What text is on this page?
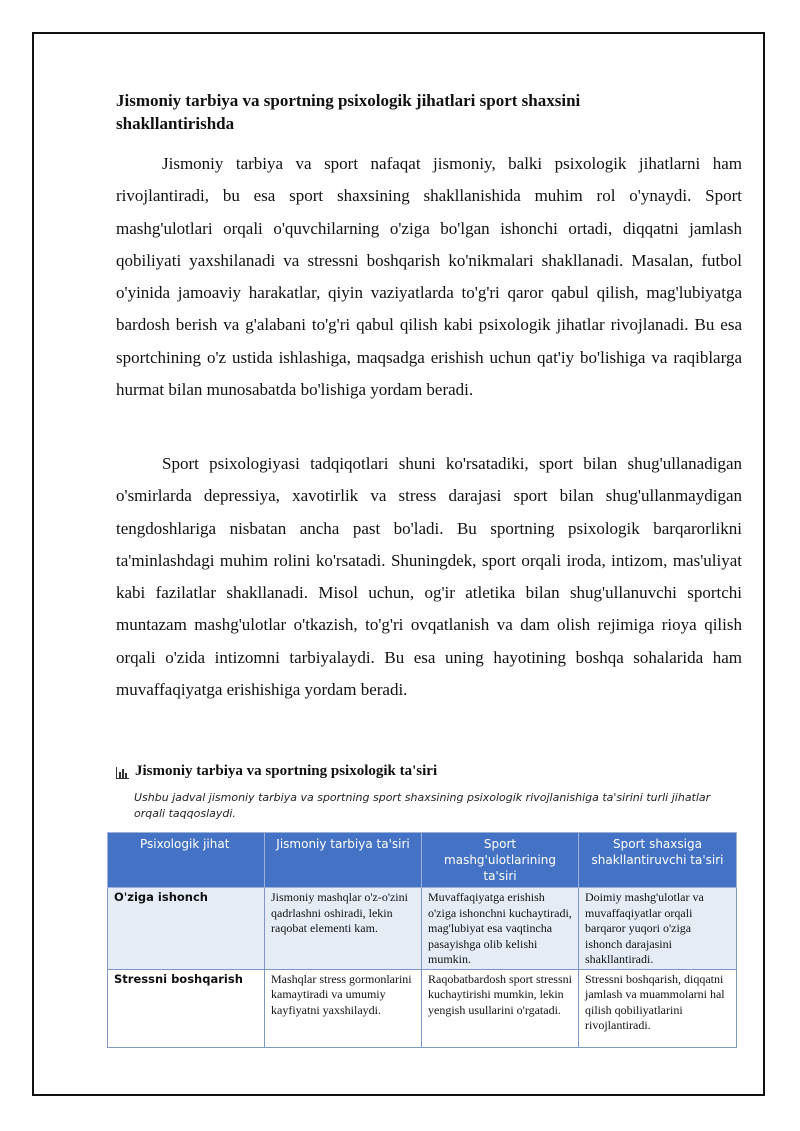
Jismoniy tarbiya va sportning psixologik jihatlari sport shaxsini shakllantirishda

Jismoniy tarbiya va sport nafaqat jismoniy, balki psixologik jihatlarni ham rivojlantiradi, bu esa sport shaxsining shakllanishida muhim rol o'ynaydi. Sport mashg'ulotlari orqali o'quvchilarning o'ziga bo'lgan ishonchi ortadi, diqqatni jamlash qobiliyati yaxshilanadi va stressni boshqarish ko'nikmalari shakllanadi. Masalan, futbol o'yinida jamoaviy harakatlar, qiyin vaziyatlarda to'g'ri qaror qabul qilish, mag'lubiyatga bardosh berish va g'alabani to'g'ri qabul qilish kabi psixologik jihatlar rivojlanadi. Bu esa sportchining o'z ustida ishlashiga, maqsadga erishish uchun qat'iy bo'lishiga va raqiblarga hurmat bilan munosabatda bo'lishiga yordam beradi.

Sport psixologiyasi tadqiqotlari shuni ko'rsatadiki, sport bilan shug'ullanadigan o'smirlarda depressiya, xavotirlik va stress darajasi sport bilan shug'ullanmaydigan tengdoshlariga nisbatan ancha past bo'ladi. Bu sportning psixologik barqarorlikni ta'minlashdagi muhim rolini ko'rsatadi. Shuningdek, sport orqali iroda, intizom, mas'uliyat kabi fazilatlar shakllanadi. Misol uchun, og'ir atletika bilan shug'ullanuvchi sportchi muntazam mashg'ulotlar o'tkazish, to'g'ri ovqatlanish va dam olish rejimiga rioya qilish orqali o'zida intizomni tarbiyalaydi. Bu esa uning hayotining boshqa sohalarida ham muvaffaqiyatga erishishiga yordam beradi.

Jismoniy tarbiya va sportning psixologik ta'siri
Ushbu jadval jismoniy tarbiya va sportning sport shaxsining psixologik rivojlanishiga ta'sirini turli jihatlar orqali taqqoslaydi.
Psixologik jihat	Jismoniy tarbiya ta'siri	Sport mashg'ulotlarining ta'siri	Sport shaxsiga shakllantiruvchi ta'siri
O'ziga ishonch	Jismoniy mashqlar o'z-o'zini qadrlashni oshiradi, lekin raqobat elementi kam.	Muvaffaqiyatga erishish o'ziga ishonchni kuchaytiradi, mag'lubiyat esa vaqtincha pasayishga olib kelishi mumkin.	Doimiy mashg'ulotlar va muvaffaqiyatlar orqali barqaror yuqori o'ziga ishonch darajasini shakllantiradi.
Stressni boshqarish	Mashqlar stress gormonlarini kamaytiradi va umumiy kayfiyatni yaxshilaydi.	Raqobatbardosh sport stressni kuchaytirishi mumkin, lekin yengish usullarini o'rgatadi.	Stressni boshqarish, diqqatni jamlash va muammolarni hal qilish qobiliyatlarini rivojlantiradi.
